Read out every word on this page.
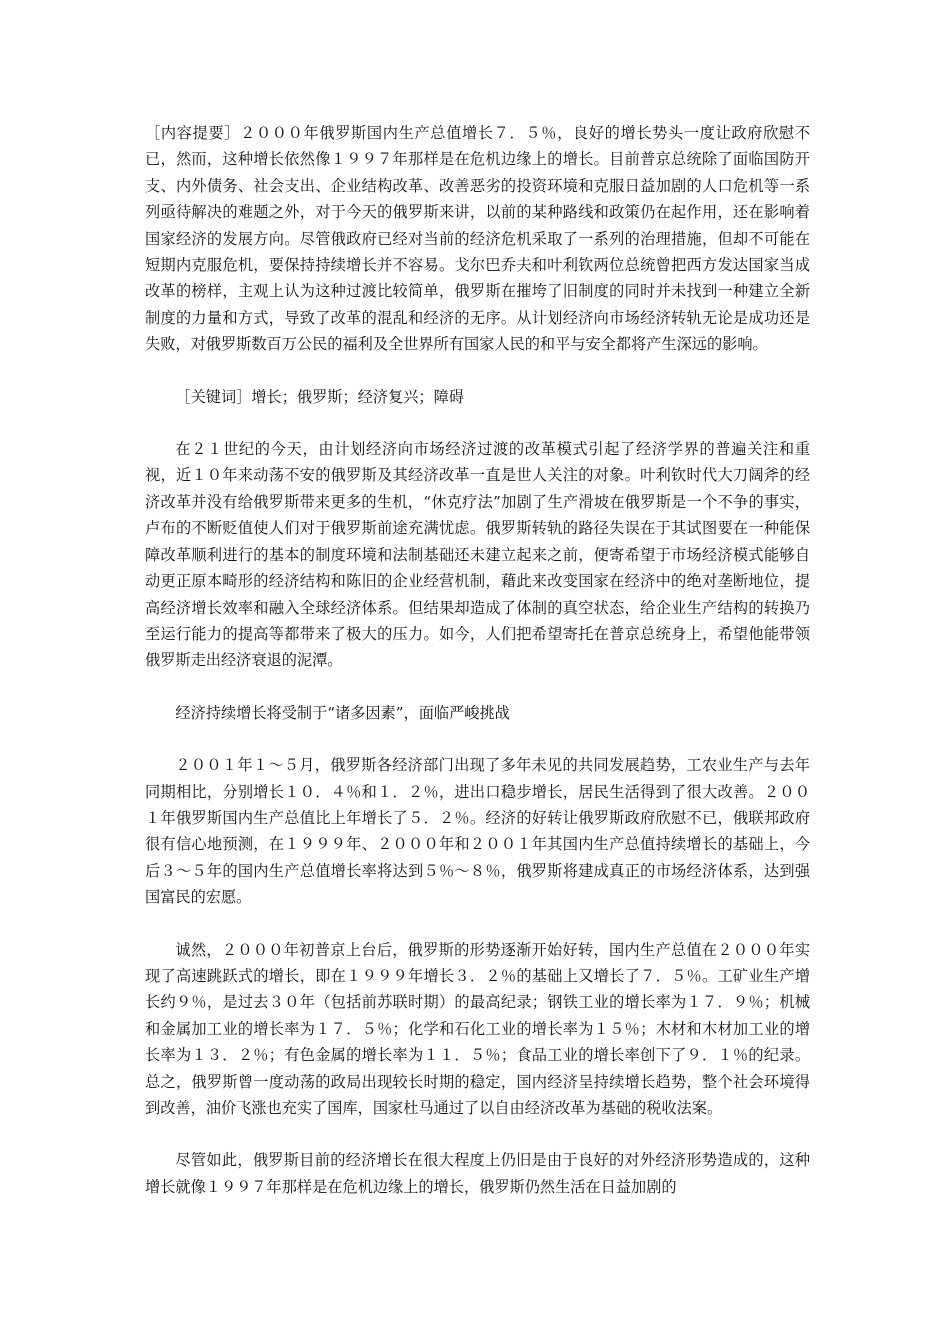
［内容提要］２０００年俄罗斯国内生产总值增长７．５％，良好的增长势头一度让政府欣慰不已，然而，这种增长依然像１９９７年那样是在危机边缘上的增长。目前普京总统除了面临国防开支、内外债务、社会支出、企业结构改革、改善恶劣的投资环境和克服日益加剧的人口危机等一系列亟待解决的难题之外，对于今天的俄罗斯来讲，以前的某种路线和政策仍在起作用，还在影响着国家经济的发展方向。尽管俄政府已经对当前的经济危机采取了一系列的治理措施，但却不可能在短期内克服危机，要保持持续增长并不容易。戈尔巴乔夫和叶利钦两位总统曾把西方发达国家当成改革的榜样，主观上认为这种过渡比较简单，俄罗斯在摧垮了旧制度的同时并未找到一种建立全新制度的力量和方式，导致了改革的混乱和经济的无序。从计划经济向市场经济转轨无论是成功还是失败，对俄罗斯数百万公民的福利及全世界所有国家人民的和平与安全都将产生深远的影响。

［关键词］增长；俄罗斯；经济复兴；障碍

在２１世纪的今天，由计划经济向市场经济过渡的改革模式引起了经济学界的普遍关注和重视，近１０年来动荡不安的俄罗斯及其经济改革一直是世人关注的对象。叶利钦时代大刀阔斧的经济改革并没有给俄罗斯带来更多的生机，“休克疗法”加剧了生产滑坡在俄罗斯是一个不争的事实，卢布的不断贬值使人们对于俄罗斯前途充满忧虑。俄罗斯转轨的路径失误在于其试图要在一种能保障改革顺利进行的基本的制度环境和法制基础还未建立起来之前，便寄希望于市场经济模式能够自动更正原本畸形的经济结构和陈旧的企业经营机制，藉此来改变国家在经济中的绝对垄断地位，提高经济增长效率和融入全球经济体系。但结果却造成了体制的真空状态，给企业生产结构的转换乃至运行能力的提高等都带来了极大的压力。如今，人们把希望寄托在普京总统身上，希望他能带领俄罗斯走出经济衰退的泥潭。

经济持续增长将受制于“诸多因素”，面临严峻挑战

２００１年１～５月，俄罗斯各经济部门出现了多年未见的共同发展趋势，工农业生产与去年同期相比，分别增长１０．４％和１．２％，进出口稳步增长，居民生活得到了很大改善。２００１年俄罗斯国内生产总值比上年增长了５．２％。经济的好转让俄罗斯政府欣慰不已，俄联邦政府很有信心地预测，在１９９９年、２０００年和２００１年其国内生产总值持续增长的基础上，今后３～５年的国内生产总值增长率将达到５％～８％，俄罗斯将建成真正的市场经济体系，达到强国富民的宏愿。

诚然，２０００年初普京上台后，俄罗斯的形势逐渐开始好转，国内生产总值在２０００年实现了高速跳跃式的增长，即在１９９９年增长３．２％的基础上又增长了７．５％。工矿业生产增长约９％，是过去３０年（包括前苏联时期）的最高纪录；钢铁工业的增长率为１７．９％；机械和金属加工业的增长率为１７．５％；化学和石化工业的增长率为１５％；木材和木材加工业的增长率为１３．２％；有色金属的增长率为１１．５％；食品工业的增长率创下了９．１％的纪录。总之，俄罗斯曾一度动荡的政局出现较长时期的稳定，国内经济呈持续增长趋势，整个社会环境得到改善，油价飞涨也充实了国库，国家杜马通过了以自由经济改革为基础的税收法案。

尽管如此，俄罗斯目前的经济增长在很大程度上仍旧是由于良好的对外经济形势造成的，这种增长就像１９９７年那样是在危机边缘上的增长，俄罗斯仍然生活在日益加剧的
